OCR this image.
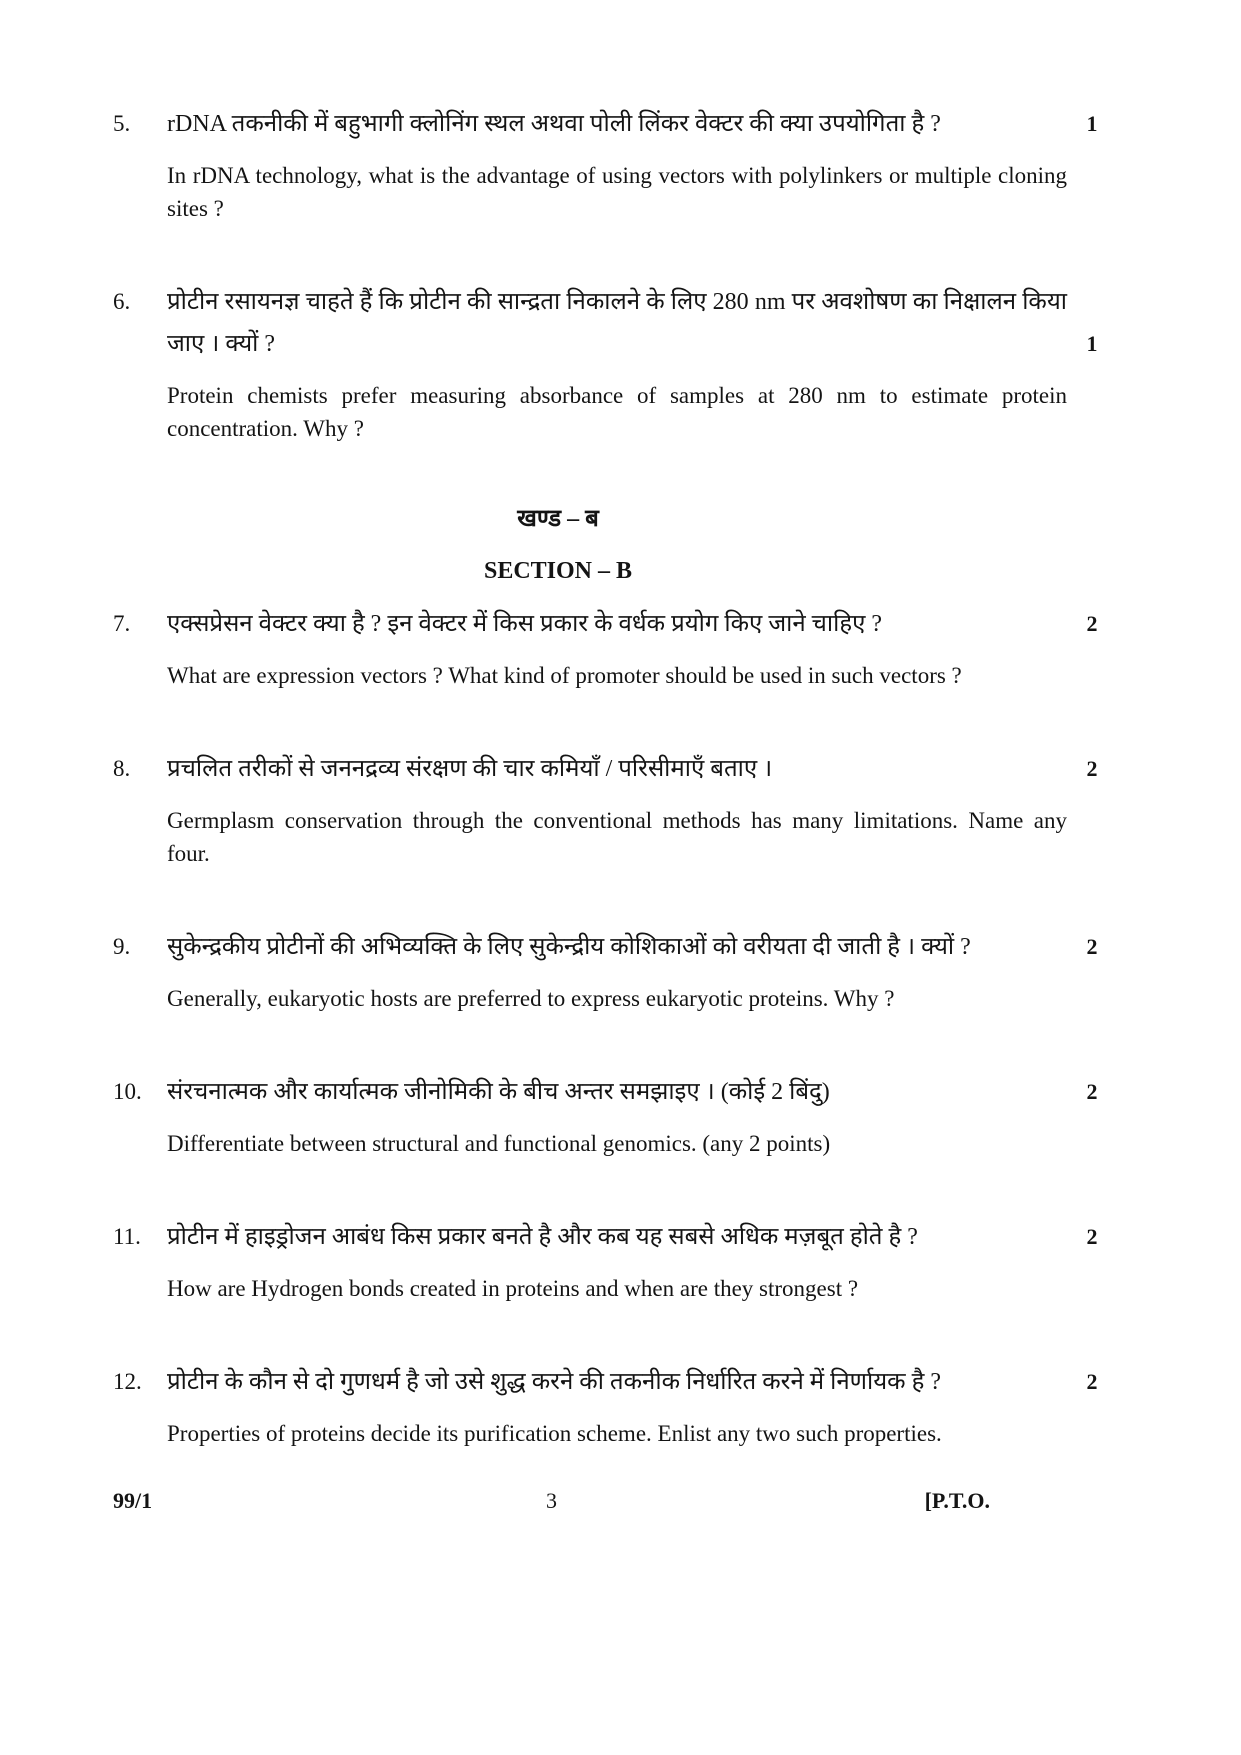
5.	rDNA तकनीकी में बहुभागी क्लोनिंग स्थल अथवा पोली लिंकर वेक्टर की क्या उपयोगिता है ?	1
In rDNA technology, what is the advantage of using vectors with polylinkers or multiple cloning sites ?
6.	प्रोटीन रसायनज्ञ चाहते हैं कि प्रोटीन की सान्द्रता निकालने के लिए 280 nm पर अवशोषण का निक्षालन किया जाए । क्यों ?	1
Protein chemists prefer measuring absorbance of samples at 280 nm to estimate protein concentration. Why ?
खण्ड – ब
SECTION – B
7.	एक्सप्रेसन वेक्टर क्या है ? इन वेक्टर में किस प्रकार के वर्धक प्रयोग किए जाने चाहिए ?	2
What are expression vectors ? What kind of promoter should be used in such vectors ?
8.	प्रचलित तरीकों से जननद्रव्य संरक्षण की चार कमियाँ / परिसीमाएँ बताए ।	2
Germplasm conservation through the conventional methods has many limitations. Name any four.
9.	सुकेन्द्रकीय प्रोटीनों की अभिव्यक्ति के लिए सुकेन्द्रीय कोशिकाओं को वरीयता दी जाती है । क्यों ?	2
Generally, eukaryotic hosts are preferred to express eukaryotic proteins. Why ?
10.	संरचनात्मक और कार्यात्मक जीनोमिकी के बीच अन्तर समझाइए । (कोई 2 बिंदु)	2
Differentiate between structural and functional genomics. (any 2 points)
11.	प्रोटीन में हाइड्रोजन आबंध किस प्रकार बनते है और कब यह सबसे अधिक मज़बूत होते है ?	2
How are Hydrogen bonds created in proteins and when are they strongest ?
12.	प्रोटीन के कौन से दो गुणधर्म है जो उसे शुद्ध करने की तकनीक निर्धारित करने में निर्णायक है ?	2
Properties of proteins decide its purification scheme. Enlist any two such properties.
99/1	3	[P.T.O.
